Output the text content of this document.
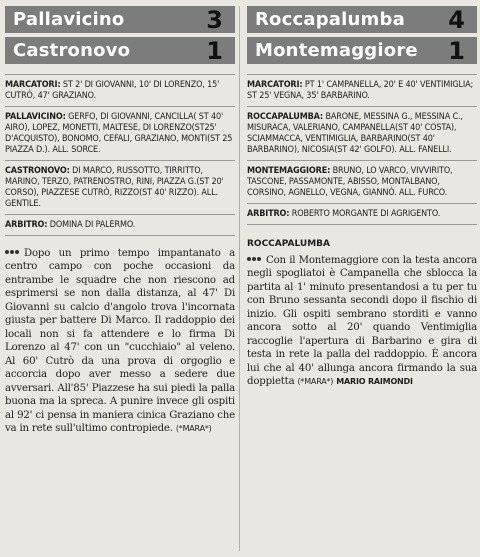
Pallavicino	3
Castronovo	1
MARCATORI: ST 2' DI GIOVANNI, 10' DI LORENZO, 15' CUTRÒ, 47' GRAZIANO.
PALLAVICINO: GERFO, DI GIOVANNI, CANCILLA( ST 40' AIRO), LOPEZ, MONETTI, MALTESE, DI LORENZO(ST25' D'ACQUISTO), BONOMO, CEFALI, GRAZIANO, MONTI(ST 25 PIAZZA D.). ALL. SORCE.
CASTRONOVO: DI MARCO, RUSSOTTO, TIRRITTO, MARINO, TERZO, PATRENOSTRO, RINI, PIAZZA G.(ST 20' CORSO), PIAZZESE CUTRÒ, RIZZO(ST 40' RIZZO). ALL. GENTILE.
ARBITRO: DOMINA DI PALERMO.
Dopo un primo tempo impantanato a centro campo con poche occasioni da entrambe le squadre che non riescono ad esprimersi se non dalla distanza, al 47' Di Giovanni su calcio d'angolo trova l'incornata giusta per battere Di Marco. Il raddoppio dei locali non si fa attendere e lo firma Di Lorenzo al 47' con un "cucchiaio" al veleno. Al 60' Cutrò da una prova di orgoglio e accorcia dopo aver messo a sedere due avversari. All'85' Piazzese ha sui piedi la palla buona ma la spreca. A punire invece gli ospiti al 92' ci pensa in maniera cinica Graziano che va in rete sull'ultimo contropiede. (*MARA*)
Roccapalumba 4
Montemaggiore 1
MARCATORI: PT 1' CAMPANELLA, 20' E 40' VENTIMIGLIA; ST 25' VEGNA, 35' BARBARINO.
ROCCAPALUMBA: BARONE, MESSINA G., MESSINA C., MISURACA, VALERIANO, CAMPANELLA(ST 40' COSTA), SCIAMMACCA, VENTIMIGLIA, BARBARINO(ST 40' BARBARINO), NICOSIA(ST 42' GOLFO). ALL. FANELLI.
MONTEMAGGIORE: BRUNO, LO VARCO, VIVVIRITO, TASCONE, PASSAMONTE, ABISSO, MONTALBANO, CORSINO, AGNELLO, VEGNA, GIANNÒ. ALL. FURCO.
ARBITRO: ROBERTO MORGANTE DI AGRIGENTO.
ROCCAPALUMBA
Con il Montemaggiore con la testa ancora negli spogliatoi è Campanella che sblocca la partita al 1' minuto presentandosi a tu per tu con Bruno sessanta secondi dopo il fischio di inizio. Gli ospiti sembrano storditi e vanno ancora sotto al 20' quando Ventimiglia raccoglie l'apertura di Barbarino e gira di testa in rete la palla del raddoppio. È ancora lui che al 40' allunga ancora firmando la sua doppietta (*MARA*) MARIO RAIMONDI
